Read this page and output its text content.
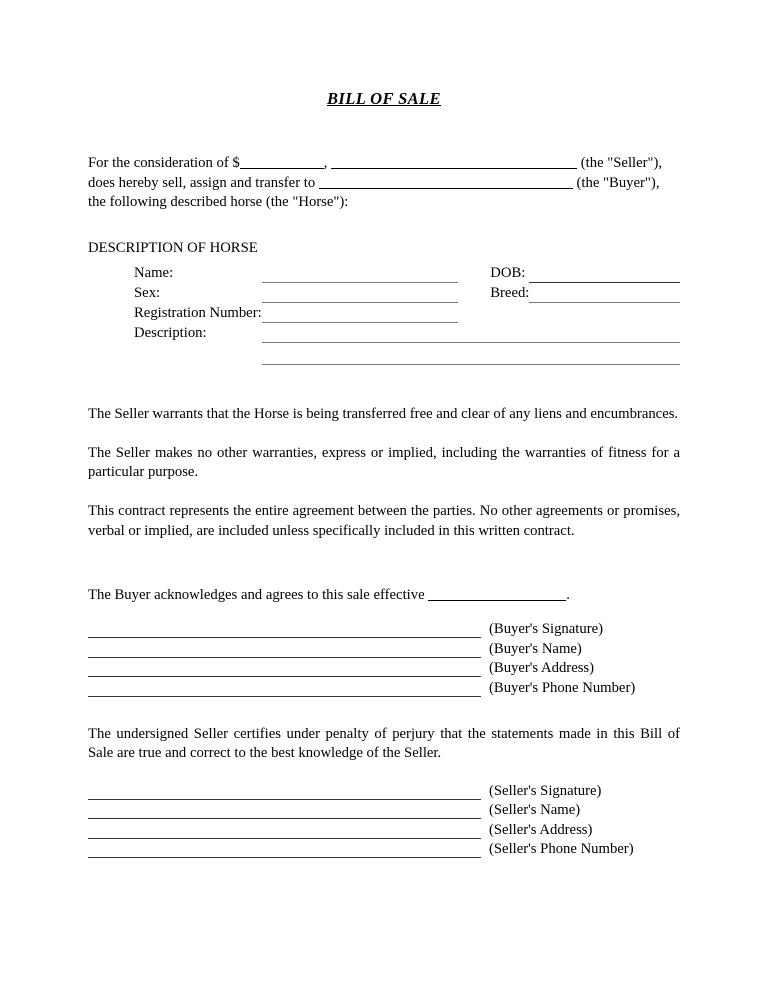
BILL OF SALE

For the consideration of $	,	(the "Seller"),

does hereby sell, assign and transfer to	(the "Buyer"),

the following described horse (the "Horse"):

DESCRIPTION OF HORSE
Name:			DOB:	
Sex:			Breed:	
Registration Number:				
Description:				

The Seller warrants that the Horse is being transferred free and clear of any liens and encumbrances.

The Seller makes no other warranties, express or implied, including the warranties of fitness for a particular purpose.

This contract represents the entire agreement between the parties. No other agreements or promises, verbal or implied, are included unless specifically included in this written contract.

The Buyer acknowledges and agrees to this sale effective	.

(Buyer's Signature)
(Buyer's Name)
(Buyer's Address)
(Buyer's Phone Number)

The undersigned Seller certifies under penalty of perjury that the statements made in this Bill of Sale are true and correct to the best knowledge of the Seller.

(Seller's Signature)
(Seller's Name)
(Seller's Address)
(Seller's Phone Number)
